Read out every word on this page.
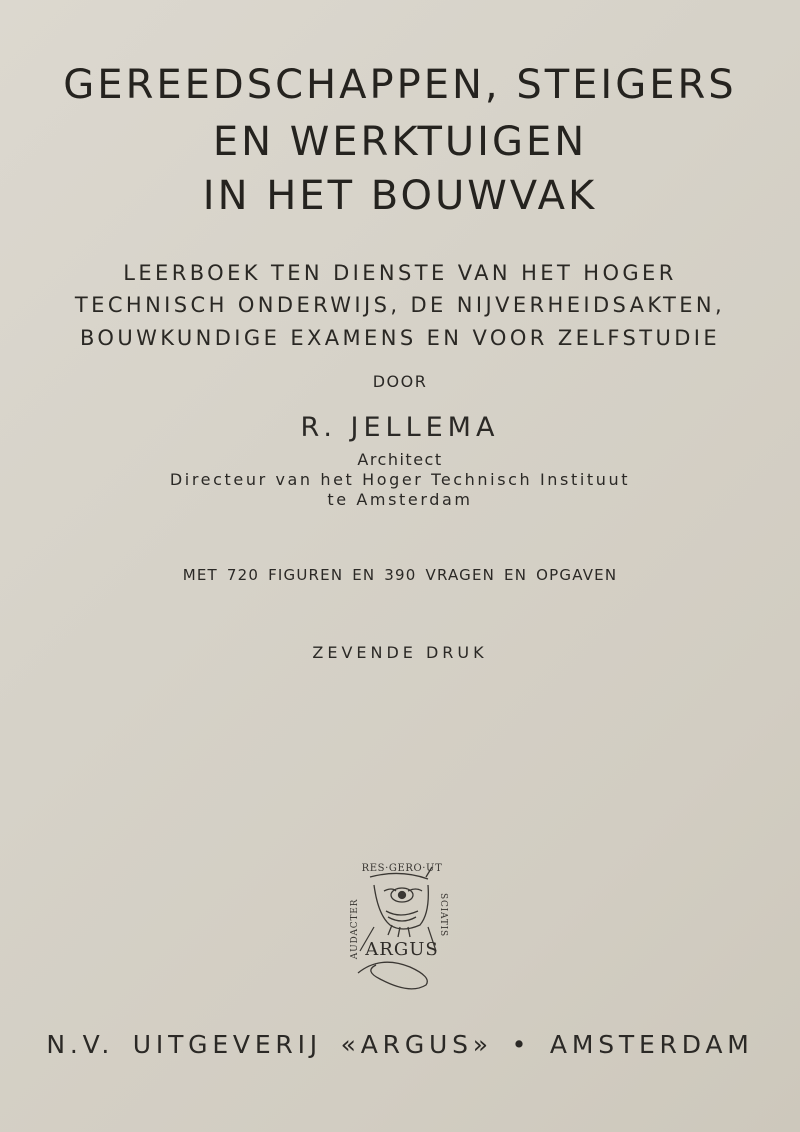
GEREEDSCHAPPEN, STEIGERS
EN WERKTUIGEN
IN HET BOUWVAK
LEERBOEK TEN DIENSTE VAN HET HOGER
TECHNISCH ONDERWIJS, DE NIJVERHEIDSAKTEN,
BOUWKUNDIGE EXAMENS EN VOOR ZELFSTUDIE
DOOR
R. JELLEMA
Architect
Directeur van het Hoger Technisch Instituut
te Amsterdam
MET 720 FIGUREN EN 390 VRAGEN EN OPGAVEN
ZEVENDE DRUK
RES·GERO·UT
AUDACTER	SCIATIS
ARGUS
N.V. UITGEVERIJ «ARGUS» • AMSTERDAM
